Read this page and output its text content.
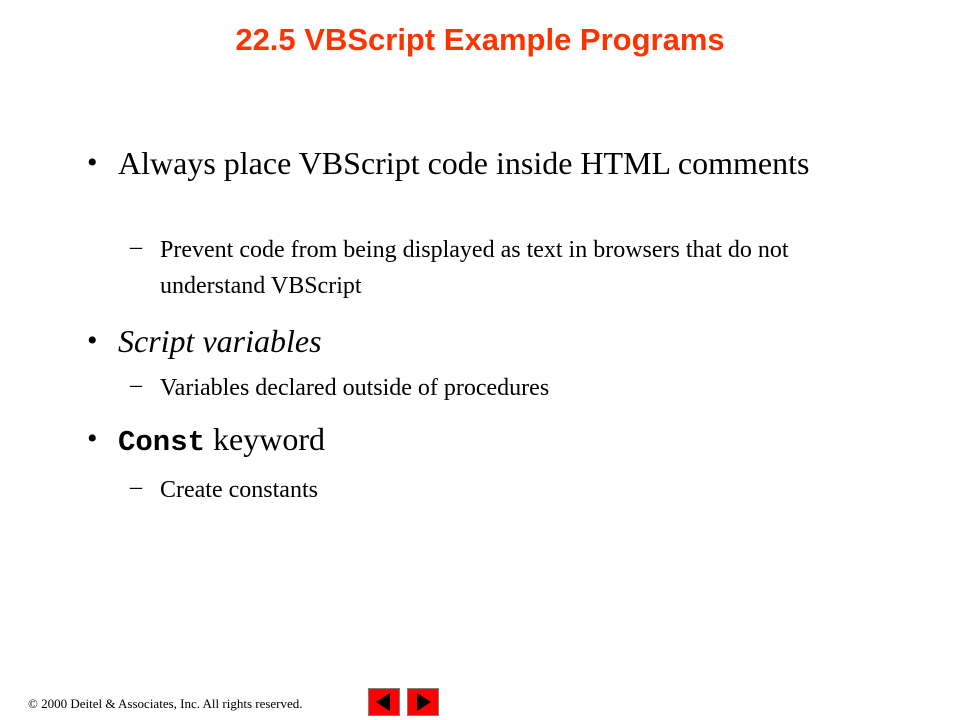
22.5 VBScript Example Programs
• Always place VBScript code inside HTML comments

– Prevent code from being displayed as text in browsers that do not understand VBScript

• Script variables

– Variables declared outside of procedures

• Const keyword

– Create constants

© 2000 Deitel & Associates, Inc. All rights reserved.
